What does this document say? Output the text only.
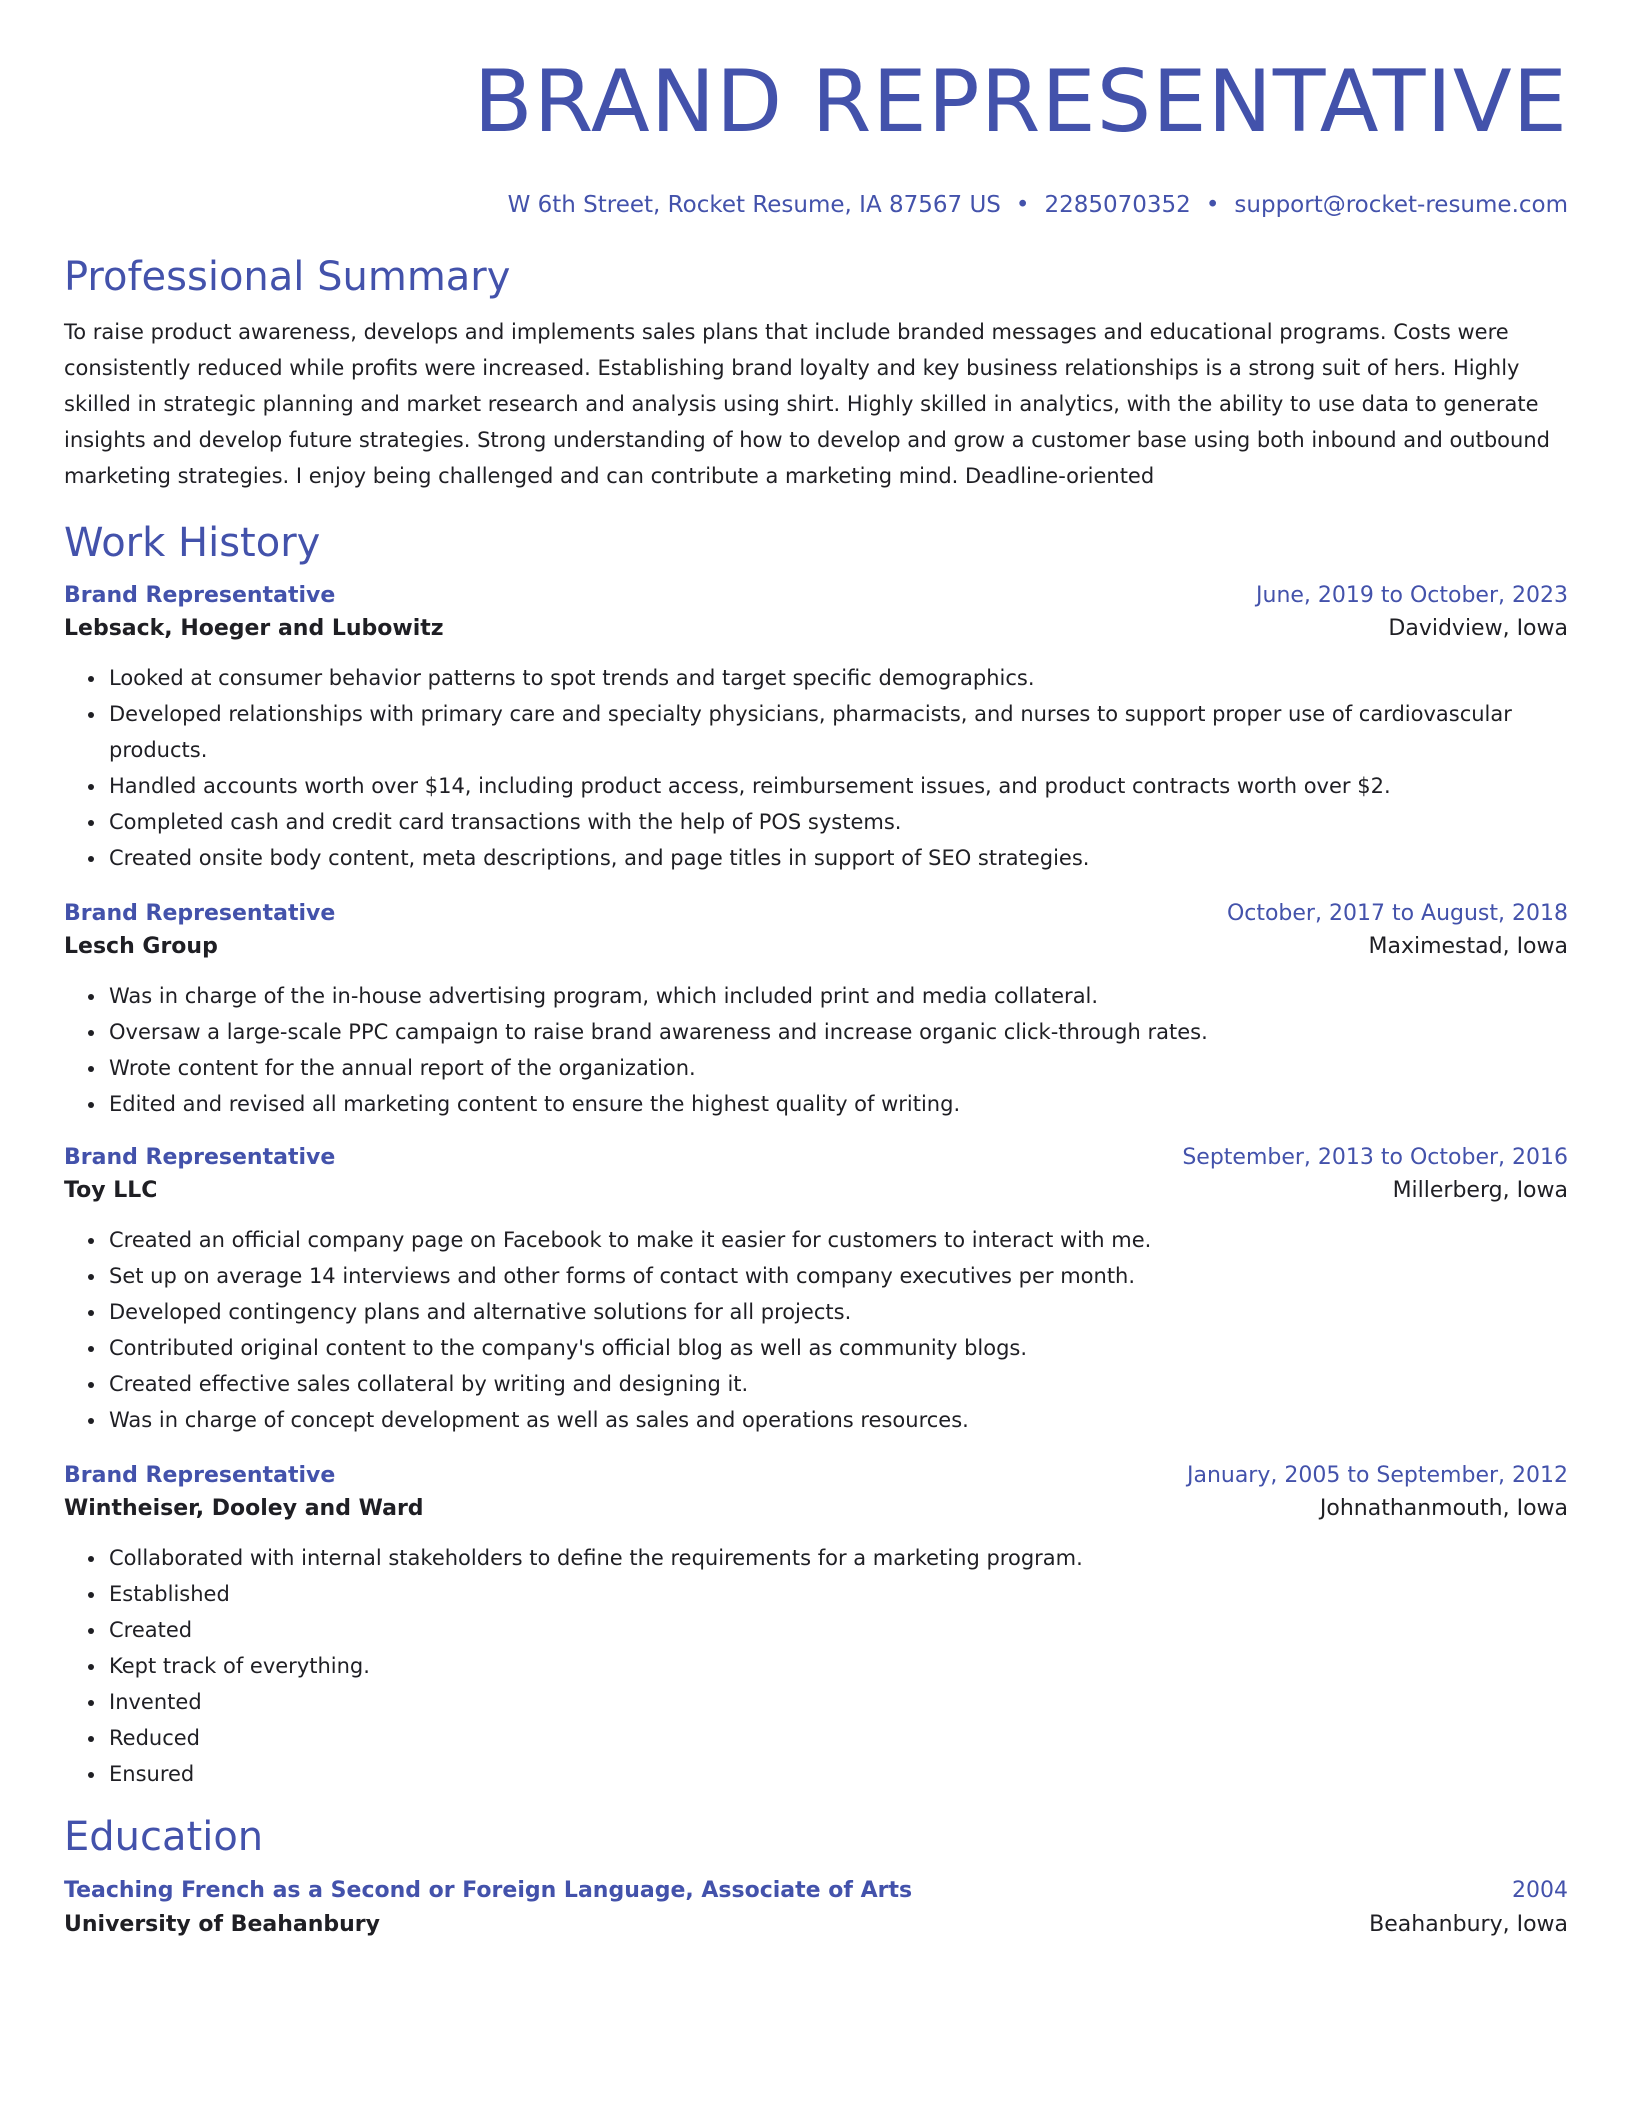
BRAND REPRESENTATIVE
W 6th Street, Rocket Resume, IA 87567 US • 2285070352 • support@rocket-resume.com
Professional Summary

To raise product awareness, develops and implements sales plans that include branded messages and educational programs. Costs were consistently reduced while profits were increased. Establishing brand loyalty and key business relationships is a strong suit of hers. Highly skilled in strategic planning and market research and analysis using shirt. Highly skilled in analytics, with the ability to use data to generate insights and develop future strategies. Strong understanding of how to develop and grow a customer base using both inbound and outbound marketing strategies. I enjoy being challenged and can contribute a marketing mind. Deadline-oriented

Work History
Brand Representative	June, 2019 to October, 2023
Lebsack, Hoeger and Lubowitz	Davidview, Iowa
• Looked at consumer behavior patterns to spot trends and target specific demographics.
• Developed relationships with primary care and specialty physicians, pharmacists, and nurses to support proper use of cardiovascular products.
• Handled accounts worth over $14, including product access, reimbursement issues, and product contracts worth over $2.
• Completed cash and credit card transactions with the help of POS systems.
• Created onsite body content, meta descriptions, and page titles in support of SEO strategies.
Brand Representative	October, 2017 to August, 2018
Lesch Group	Maximestad, Iowa
• Was in charge of the in-house advertising program, which included print and media collateral.
• Oversaw a large-scale PPC campaign to raise brand awareness and increase organic click-through rates.
• Wrote content for the annual report of the organization.
• Edited and revised all marketing content to ensure the highest quality of writing.
Brand Representative	September, 2013 to October, 2016
Toy LLC	Millerberg, Iowa
• Created an official company page on Facebook to make it easier for customers to interact with me.
• Set up on average 14 interviews and other forms of contact with company executives per month.
• Developed contingency plans and alternative solutions for all projects.
• Contributed original content to the company's official blog as well as community blogs.
• Created effective sales collateral by writing and designing it.
• Was in charge of concept development as well as sales and operations resources.
Brand Representative	January, 2005 to September, 2012
Wintheiser, Dooley and Ward	Johnathanmouth, Iowa
• Collaborated with internal stakeholders to define the requirements for a marketing program.
• Established
• Created
• Kept track of everything.
• Invented
• Reduced
• Ensured
Education
Teaching French as a Second or Foreign Language, Associate of Arts	2004
University of Beahanbury	Beahanbury, Iowa
